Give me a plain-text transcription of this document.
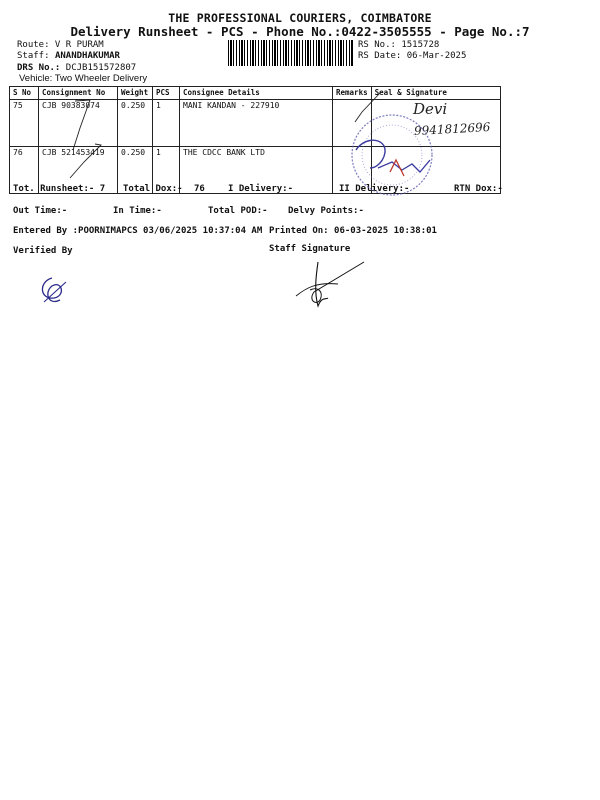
THE PROFESSIONAL COURIERS, COIMBATORE
Delivery Runsheet - PCS - Phone No.:0422-3505555 - Page No.:7
Route: V R PURAM
Staff: ANANDHAKUMAR
DRS No.: DCJB151572807
Vehicle: Two Wheeler Delivery
RS No.: 1515728
RS Date: 06-Mar-2025
S No	Consignment No	Weight	PCS	Consignee Details	Remarks	Seal & Signature
75	CJB 90383074	0.250	1	MANI KANDAN - 227910		
76	CJB 521453419	0.250	1	THE CDCC BANK LTD		
Tot. Runsheet:- 7 Total Dox:- 76	I Delivery:-	II Delivery:-	RTN Dox:-
Out Time:-	In Time:-	Total POD:- Delvy Points:-
Entered By :POORNIMAPCS 03/06/2025 10:37:04 AM Printed On: 06-03-2025 10:38:01
Verified By	Staff Signature
Devi
9941812696
